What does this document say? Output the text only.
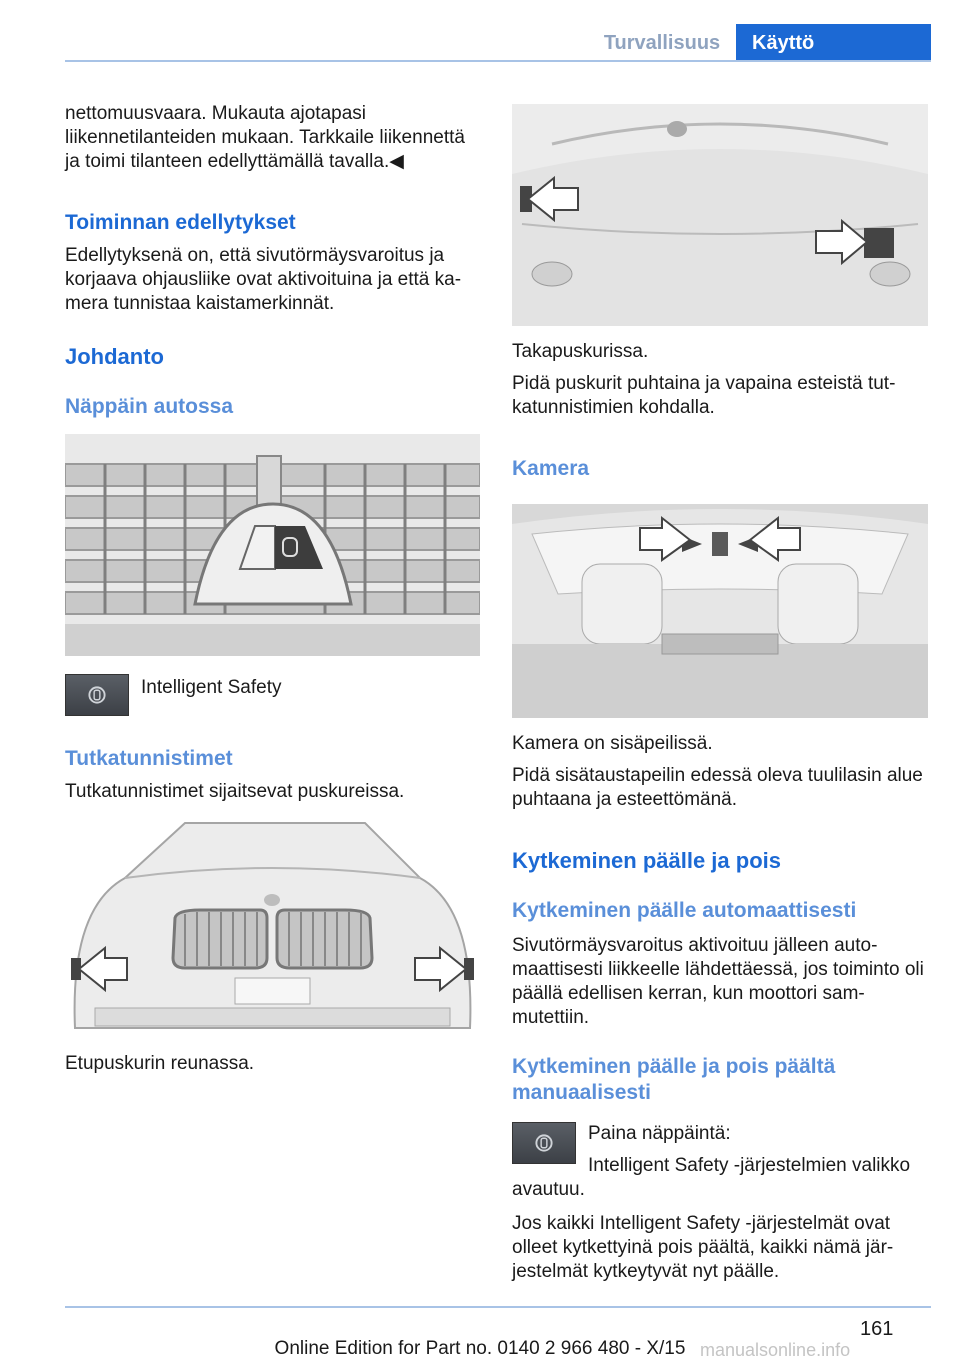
Turvallisuus	Käyttö

nettomuusvaara. Mukauta ajotapasi liikennetilanteiden mukaan. Tarkkaile liikennettä ja toimi tilanteen edellyttämällä tavalla.◀

Toiminnan edellytykset

Edellytyksenä on, että sivutörmäysvaroitus ja korjaava ohjausliike ovat aktivoituina ja että kamera tunnistaa kaistamerkinnät.

Johdanto
Näppäin autossa

Intelligent Safety

Tutkatunnistimet

Tutkatunnistimet sijaitsevat puskureissa.

Etupuskurin reunassa.

Takapuskurissa.

Pidä puskurit puhtaina ja vapaina esteistä tutkatunnistimien kohdalla.

Kamera

Kamera on sisäpeilissä.

Pidä sisätaustapeilin edessä oleva tuulilasin alue puhtaana ja esteettömänä.

Kytkeminen päälle ja pois
Kytkeminen päälle automaattisesti

Sivutörmäysvaroitus aktivoituu jälleen automaattisesti liikkeelle lähdettäessä, jos toiminto oli päällä edellisen kerran, kun moottori sammutettiin.

Kytkeminen päälle ja pois päältä manuaalisesti

Paina näppäintä:

Intelligent Safety -järjestelmien valikko avautuu.

Jos kaikki Intelligent Safety -järjestelmät ovat olleet kytkettyinä pois päältä, kaikki nämä järjestelmät kytkeytyvät nyt päälle.

161
Online Edition for Part no. 0140 2 966 480 - X/15 manualsonline.info
